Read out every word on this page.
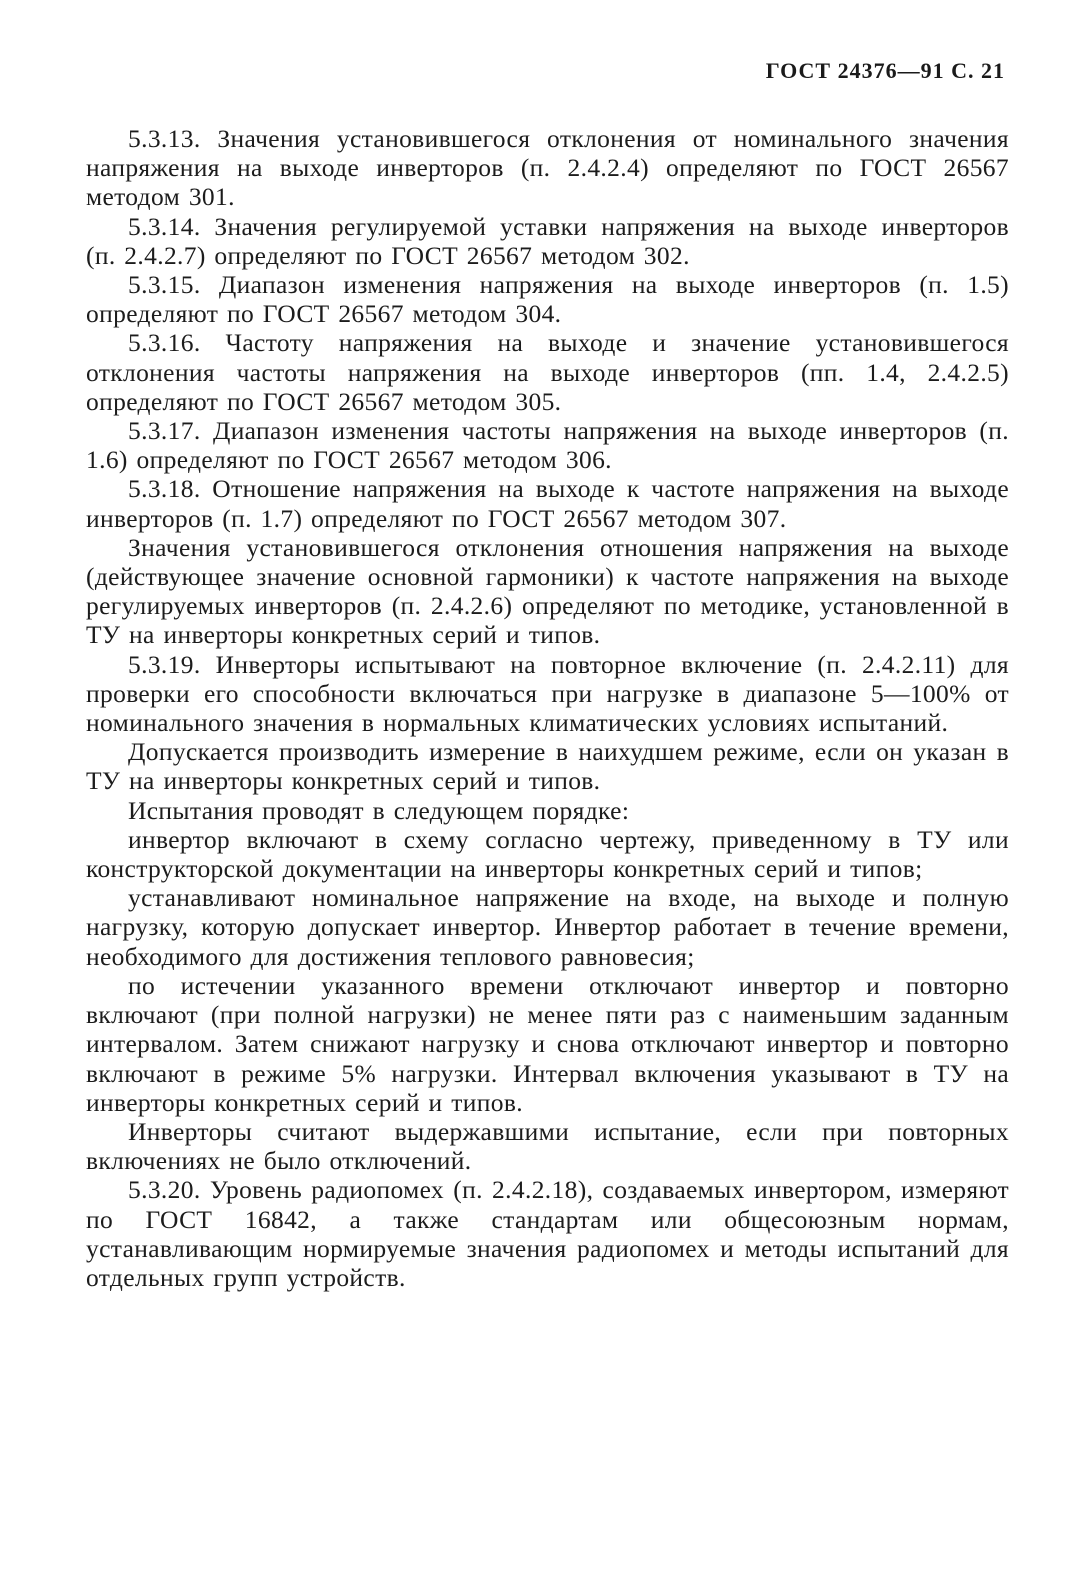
ГОСТ 24376—91 С. 21

5.3.13. Значения установившегося отклонения от номинального значения напряжения на выходе инверторов (п. 2.4.2.4) определяют по ГОСТ 26567 методом 301.

5.3.14. Значения регулируемой уставки напряжения на выходе инверторов (п. 2.4.2.7) определяют по ГОСТ 26567 методом 302.

5.3.15. Диапазон изменения напряжения на выходе инверторов (п. 1.5) определяют по ГОСТ 26567 методом 304.

5.3.16. Частоту напряжения на выходе и значение установившегося отклонения частоты напряжения на выходе инверторов (пп. 1.4, 2.4.2.5) определяют по ГОСТ 26567 методом 305.

5.3.17. Диапазон изменения частоты напряжения на выходе инверторов (п. 1.6) определяют по ГОСТ 26567 методом 306.

5.3.18. Отношение напряжения на выходе к частоте напряжения на выходе инверторов (п. 1.7) определяют по ГОСТ 26567 методом 307.

Значения установившегося отклонения отношения напряжения на выходе (действующее значение основной гармоники) к частоте напряжения на выходе регулируемых инверторов (п. 2.4.2.6) определяют по методике, установленной в ТУ на инверторы конкретных серий и типов.

5.3.19. Инверторы испытывают на повторное включение (п. 2.4.2.11) для проверки его способности включаться при нагрузке в диапазоне 5—100% от номинального значения в нормальных климатических условиях испытаний.

Допускается производить измерение в наихудшем режиме, если он указан в ТУ на инверторы конкретных серий и типов.

Испытания проводят в следующем порядке:

инвертор включают в схему согласно чертежу, приведенному в ТУ или конструкторской документации на инверторы конкретных серий и типов;

устанавливают номинальное напряжение на входе, на выходе и полную нагрузку, которую допускает инвертор. Инвертор работает в течение времени, необходимого для достижения теплового равновесия;

по истечении указанного времени отключают инвертор и повторно включают (при полной нагрузки) не менее пяти раз с наименьшим заданным интервалом. Затем снижают нагрузку и снова отключают инвертор и повторно включают в режиме 5% нагрузки. Интервал включения указывают в ТУ на инверторы конкретных серий и типов.

Инверторы считают выдержавшими испытание, если при повторных включениях не было отключений.

5.3.20. Уровень радиопомех (п. 2.4.2.18), создаваемых инвертором, измеряют по ГОСТ 16842, а также стандартам или общесоюзным нормам, устанавливающим нормируемые значения радиопомех и методы испытаний для отдельных групп устройств.
